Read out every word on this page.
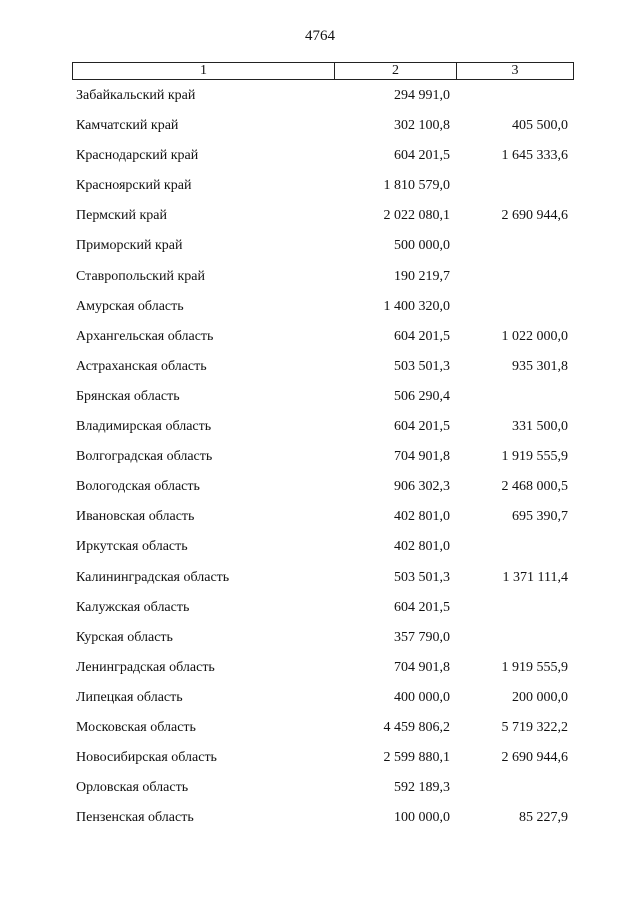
4764
1	2	3
Забайкальский край	294 991,0
Камчатский край	302 100,8	405 500,0
Краснодарский край	604 201,5	1 645 333,6
Красноярский край	1 810 579,0
Пермский край	2 022 080,1	2 690 944,6
Приморский край	500 000,0
Ставропольский край	190 219,7
Амурская область	1 400 320,0
Архангельская область	604 201,5	1 022 000,0
Астраханская область	503 501,3	935 301,8
Брянская область	506 290,4
Владимирская область	604 201,5	331 500,0
Волгоградская область	704 901,8	1 919 555,9
Вологодская область	906 302,3	2 468 000,5
Ивановская область	402 801,0	695 390,7
Иркутская область	402 801,0
Калининградская область	503 501,3	1 371 111,4
Калужская область	604 201,5
Курская область	357 790,0
Ленинградская область	704 901,8	1 919 555,9
Липецкая область	400 000,0	200 000,0
Московская область	4 459 806,2	5 719 322,2
Новосибирская область	2 599 880,1	2 690 944,6
Орловская область	592 189,3
Пензенская область	100 000,0	85 227,9
